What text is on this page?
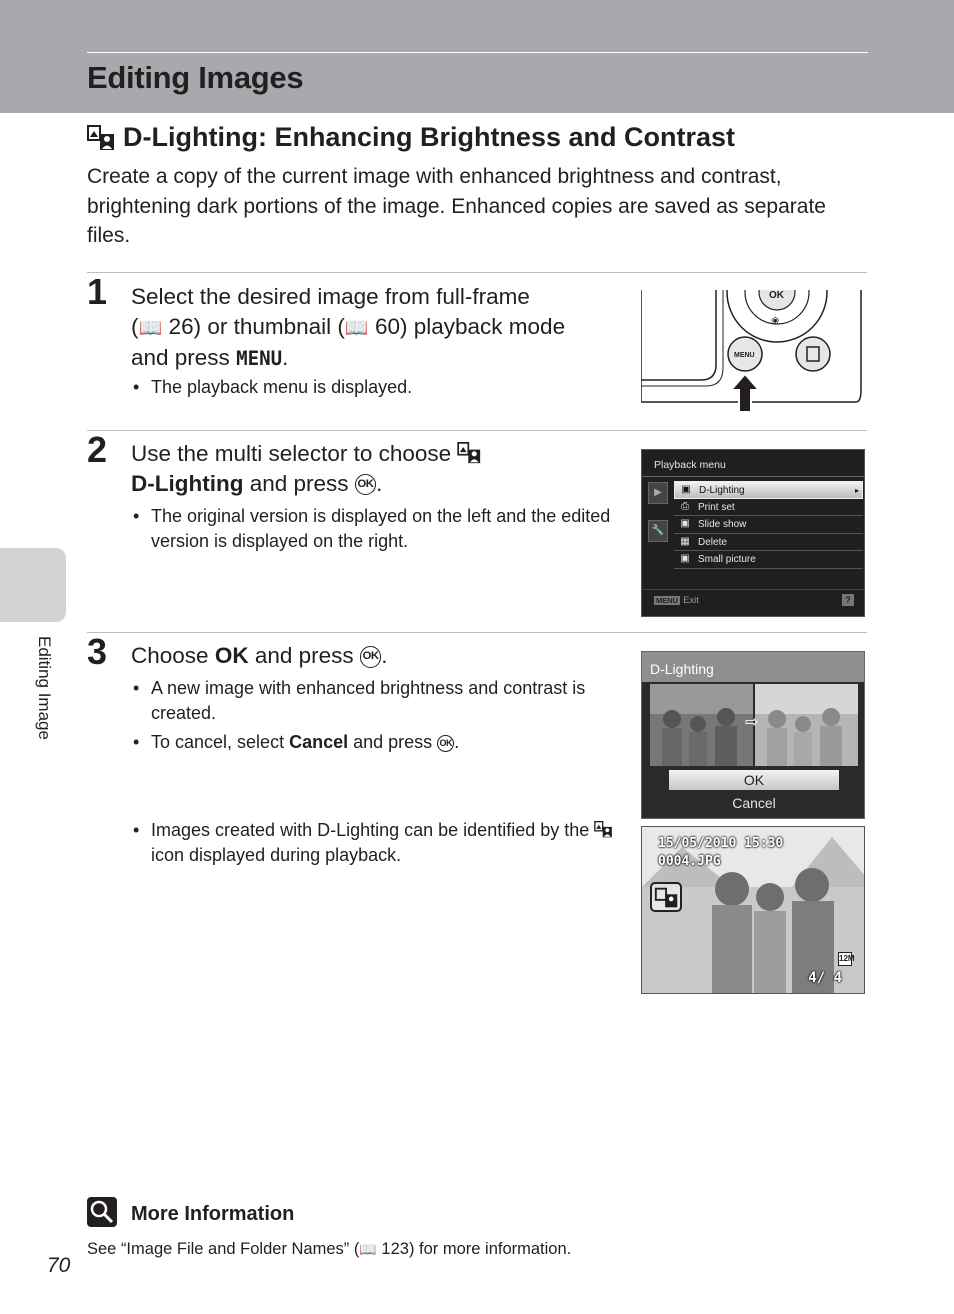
Editing Images
Editing Image
D-Lighting: Enhancing Brightness and Contrast

Create a copy of the current image with enhanced brightness and contrast, brightening dark portions of the image. Enhanced copies are saved as separate files.

1 Select the desired image from full-frame
(📖 26) or thumbnail (📖 60) playback mode
and press MENU.
• The playback menu is displayed.
OK
❀
MENU
2 Use the multi selector to choose
D-Lighting and press OK .
• The original version is displayed on the left and the edited version is displayed on the right.
Playback menu
▶
🔧
▣ D-Lighting	▸
⎙ Print set
▣ Slide show
▦ Delete
▣ Small picture
MENU Exit	?
3 Choose OK and press OK .
• A new image with enhanced brightness and contrast is created.
• To cancel, select Cancel and press OK .
• Images created with D-Lighting can be identified by the  icon displayed during playback.
D-Lighting
⇨
OK
Cancel
15/05/2010 15:30
0004.JPG
12M
4/ 4
More Information
See “Image File and Folder Names” (📖 123) for more information.
70
